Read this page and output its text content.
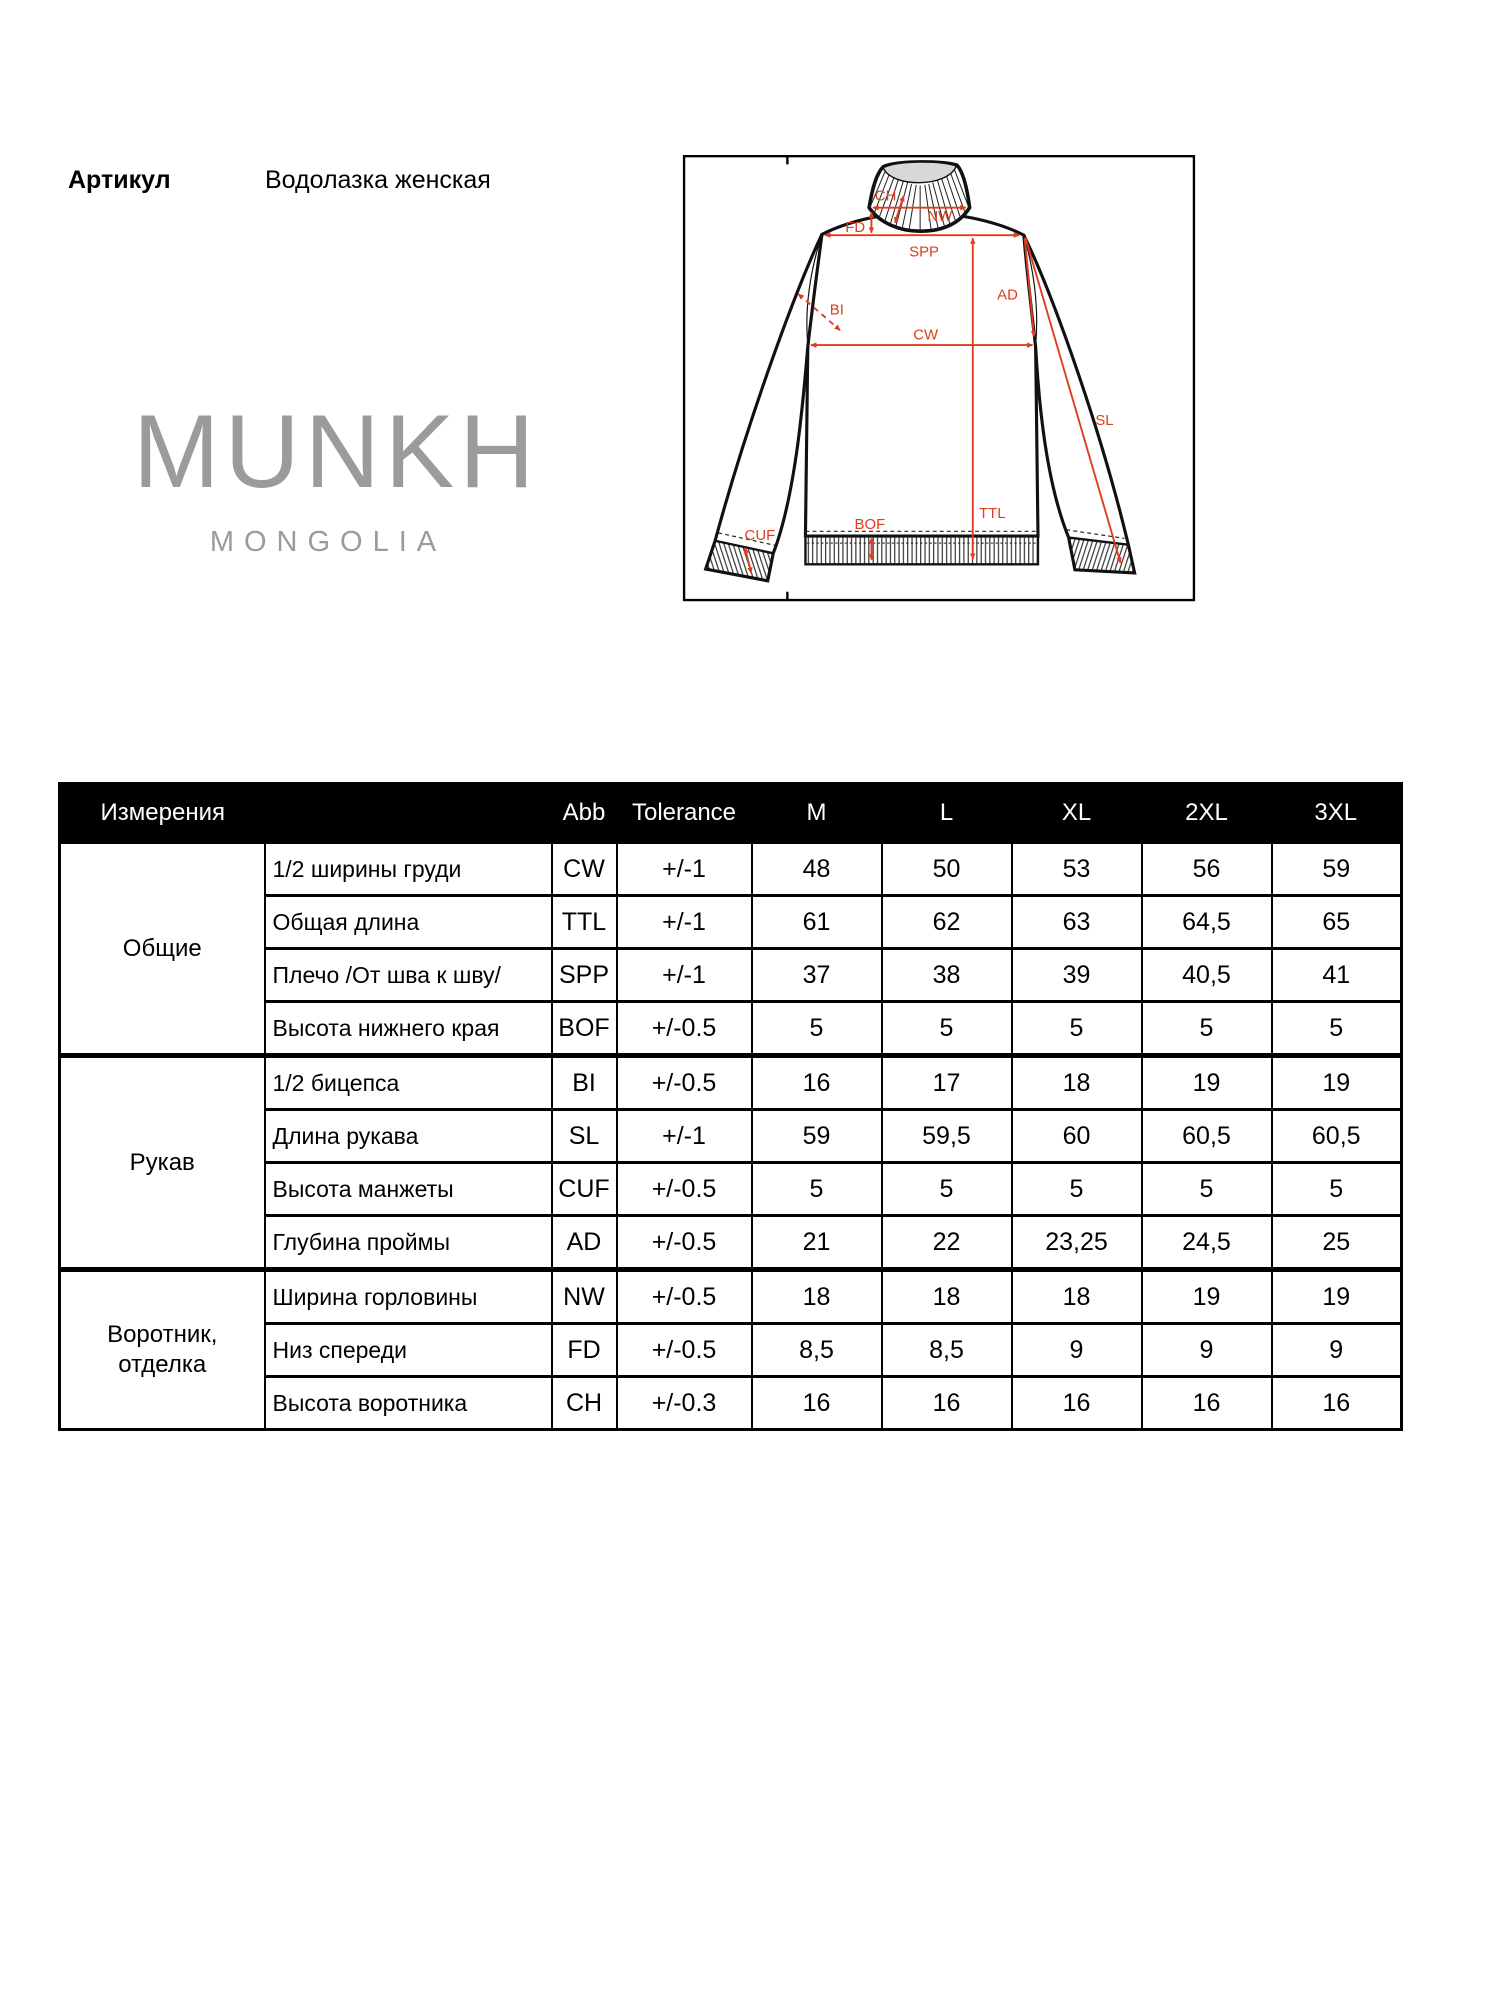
Артикул	Водолазка женская
MUNKH
MONGOLIA
SPP
FD
NW
CH
TTL
CW
BI
AD
SL
BOF
CUF
Измерения		Abb	Tolerance	M	L	XL	2XL	3XL
Общие	1/2 ширины груди	CW	+/-1	48	50	53	56	59
	Общая длина	TTL	+/-1	61	62	63	64,5	65
	Плечо /От шва к шву/	SPP	+/-1	37	38	39	40,5	41
	Высота нижнего края	BOF	+/-0.5	5	5	5	5	5
Рукав	1/2 бицепса	BI	+/-0.5	16	17	18	19	19
	Длина рукава	SL	+/-1	59	59,5	60	60,5	60,5
	Высота манжеты	CUF	+/-0.5	5	5	5	5	5
	Глубина проймы	AD	+/-0.5	21	22	23,25	24,5	25
Воротник, отделка	Ширина горловины	NW	+/-0.5	18	18	18	19	19
	Низ спереди	FD	+/-0.5	8,5	8,5	9	9	9
	Высота воротника	CH	+/-0.3	16	16	16	16	16
